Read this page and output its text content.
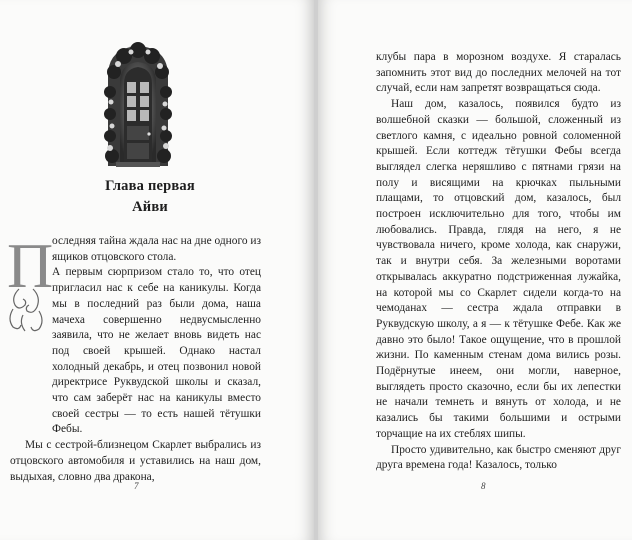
Глава первая
Айви
П

оследняя тайна ждала нас на дне одного из ящиков отцовского стола.

А первым сюрпризом стало то, что отец пригласил нас к себе на каникулы. Когда мы в последний раз были дома, наша мачеха совершенно недвусмысленно заявила, что не желает вновь видеть нас под своей крышей. Однако настал холодный декабрь, и отец позвонил новой директрисе Руквудской школы и сказал, что сам заберёт нас на каникулы вместо своей сестры — то есть нашей тётушки Фебы.

Мы с сестрой-близнецом Скарлет выбрались из отцовского автомобиля и уставились на наш дом, выдыхая, словно два дракона,

7

клубы пара в морозном воздухе. Я старалась запомнить этот вид до последних мелочей на тот случай, если нам запретят возвращаться сюда.

Наш дом, казалось, появился будто из волшебной сказки — большой, сложенный из светлого камня, с идеально ровной соломенной крышей. Если коттедж тётушки Фебы всегда выглядел слегка неряшливо с пятнами грязи на полу и висящими на крючках пыльными плащами, то отцовский дом, казалось, был построен исключительно для того, чтобы им любовались. Правда, глядя на него, я не чувствовала ничего, кроме холода, как снаружи, так и внутри себя. За железными воротами открывалась аккуратно подстриженная лужайка, на которой мы со Скарлет сидели когда-то на чемоданах — сестра ждала отправки в Руквудскую школу, а я — к тётушке Фебе. Как же давно это было! Такое ощущение, что в прошлой жизни. По каменным стенам дома вились розы. Подёрнутые инеем, они могли, наверное, выглядеть просто сказочно, если бы их лепестки не начали темнеть и вянуть от холода, и не казались бы такими большими и острыми торчащие на их стеблях шипы.

Просто удивительно, как быстро сменяют друг друга времена года! Казалось, только

8
